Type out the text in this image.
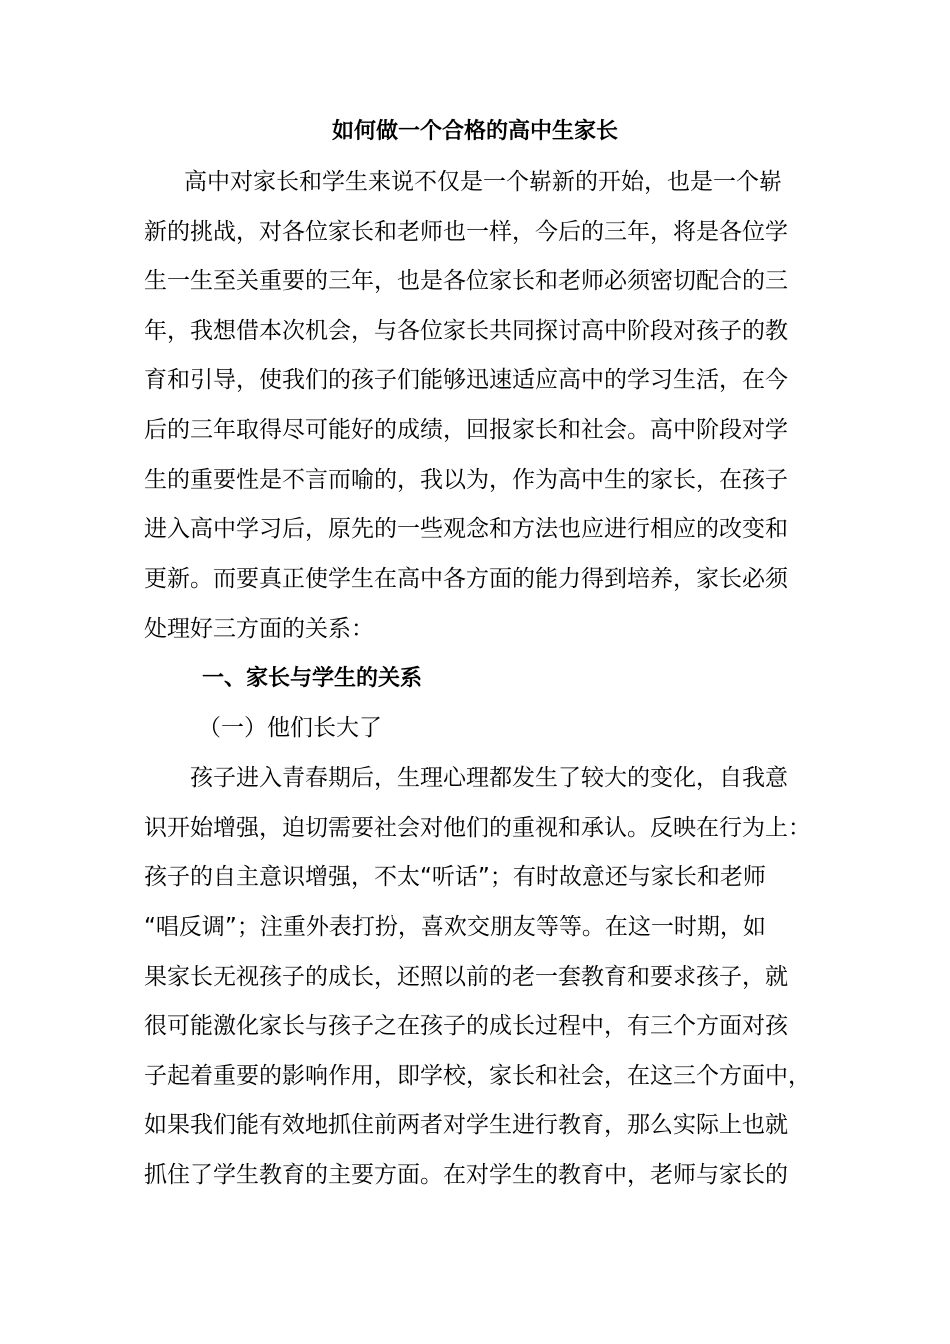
如何做一个合格的高中生家长
高中对家长和学生来说不仅是一个崭新的开始，也是一个崭
新的挑战，对各位家长和老师也一样，今后的三年，将是各位学
生一生至关重要的三年，也是各位家长和老师必须密切配合的三
年，我想借本次机会，与各位家长共同探讨高中阶段对孩子的教
育和引导，使我们的孩子们能够迅速适应高中的学习生活，在今
后的三年取得尽可能好的成绩，回报家长和社会。高中阶段对学
生的重要性是不言而喻的，我以为，作为高中生的家长，在孩子
进入高中学习后，原先的一些观念和方法也应进行相应的改变和
更新。而要真正使学生在高中各方面的能力得到培养，家长必须
处理好三方面的关系：
一、家长与学生的关系
（一）他们长大了
孩子进入青春期后，生理心理都发生了较大的变化，自我意
识开始增强，迫切需要社会对他们的重视和承认。反映在行为上：
孩子的自主意识增强，不太“听话”；有时故意还与家长和老师
“唱反调”；注重外表打扮，喜欢交朋友等等。在这一时期，如
果家长无视孩子的成长，还照以前的老一套教育和要求孩子，就
很可能激化家长与孩子之在孩子的成长过程中，有三个方面对孩
子起着重要的影响作用，即学校，家长和社会，在这三个方面中，
如果我们能有效地抓住前两者对学生进行教育，那么实际上也就
抓住了学生教育的主要方面。在对学生的教育中，老师与家长的
